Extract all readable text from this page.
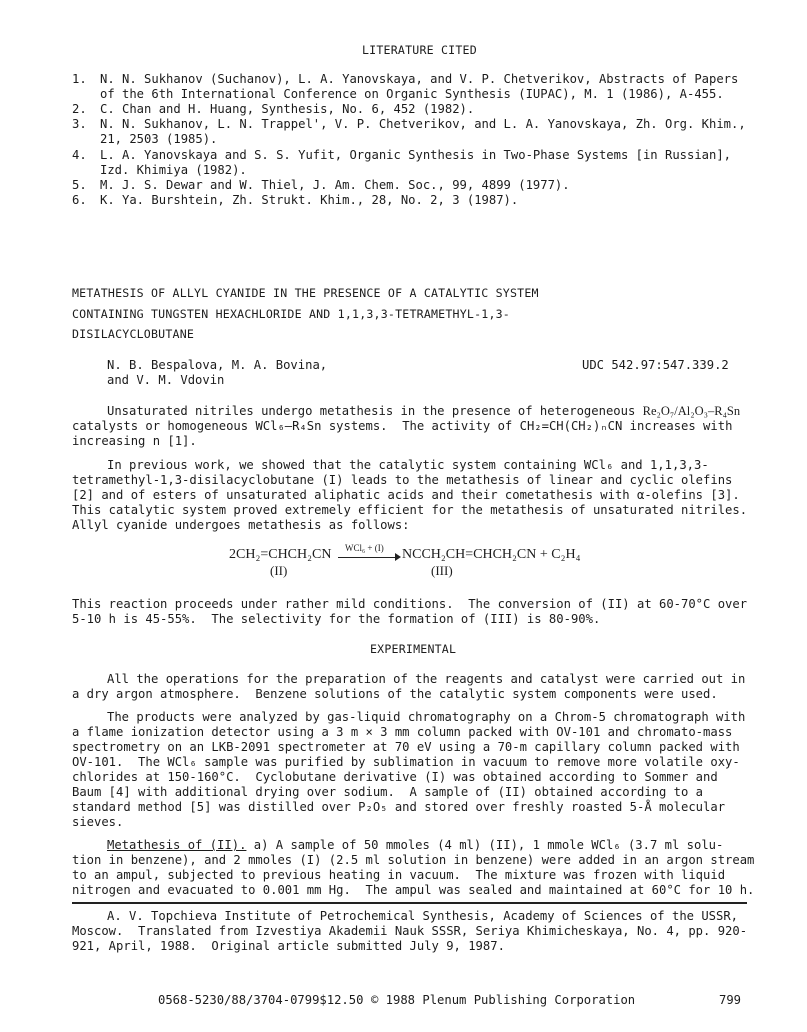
LITERATURE CITED
1. N. N. Sukhanov (Suchanov), L. A. Yanovskaya, and V. P. Chetverikov, Abstracts of Papers
of the 6th International Conference on Organic Synthesis (IUPAC), M. 1 (1986), A-455.
2. C. Chan and H. Huang, Synthesis, No. 6, 452 (1982).
3. N. N. Sukhanov, L. N. Trappel', V. P. Chetverikov, and L. A. Yanovskaya, Zh. Org. Khim.,
21, 2503 (1985).
4. L. A. Yanovskaya and S. S. Yufit, Organic Synthesis in Two-Phase Systems [in Russian],
Izd. Khimiya (1982).
5. M. J. S. Dewar and W. Thiel, J. Am. Chem. Soc., 99, 4899 (1977).
6. K. Ya. Burshtein, Zh. Strukt. Khim., 28, No. 2, 3 (1987).
METATHESIS OF ALLYL CYANIDE IN THE PRESENCE OF A CATALYTIC SYSTEM
CONTAINING TUNGSTEN HEXACHLORIDE AND 1,1,3,3-TETRAMETHYL-1,3-
DISILACYCLOBUTANE
N. B. Bespalova, M. A. Bovina,
and V. M. Vdovin
UDC 542.97:547.339.2
Unsaturated nitriles undergo metathesis in the presence of heterogeneous Re₂O₇/Al₂O₃–R₄Sn
catalysts or homogeneous WCl₆–R₄Sn systems.  The activity of CH₂=CH(CH₂)ₙCN increases with
increasing n [1].
In previous work, we showed that the catalytic system containing WCl₆ and 1,1,3,3-
tetramethyl-1,3-disilacyclobutane (I) leads to the metathesis of linear and cyclic olefins
[2] and of esters of unsaturated aliphatic acids and their cometathesis with α-olefins [3].
This catalytic system proved extremely efficient for the metathesis of unsaturated nitriles.
Allyl cyanide undergoes metathesis as follows:
2CH₂=CHCH₂CN WCl₆ + (I) NCCH₂CH=CHCH₂CN + C₂H₄
(II)	(III)
This reaction proceeds under rather mild conditions.  The conversion of (II) at 60-70°C over
5-10 h is 45-55%.  The selectivity for the formation of (III) is 80-90%.
EXPERIMENTAL
All the operations for the preparation of the reagents and catalyst were carried out in
a dry argon atmosphere.  Benzene solutions of the catalytic system components were used.
The products were analyzed by gas-liquid chromatography on a Chrom-5 chromatograph with
a flame ionization detector using a 3 m × 3 mm column packed with OV-101 and chromato-mass
spectrometry on an LKB-2091 spectrometer at 70 eV using a 70-m capillary column packed with
OV-101.  The WCl₆ sample was purified by sublimation in vacuum to remove more volatile oxy-
chlorides at 150-160°C.  Cyclobutane derivative (I) was obtained according to Sommer and
Baum [4] with additional drying over sodium.  A sample of (II) obtained according to a
standard method [5] was distilled over P₂O₅ and stored over freshly roasted 5-Å molecular
sieves.
Metathesis of (II). a) A sample of 50 mmoles (4 ml) (II), 1 mmole WCl₆ (3.7 ml solu-
tion in benzene), and 2 mmoles (I) (2.5 ml solution in benzene) were added in an argon stream
to an ampul, subjected to previous heating in vacuum.  The mixture was frozen with liquid
nitrogen and evacuated to 0.001 mm Hg.  The ampul was sealed and maintained at 60°C for 10 h.
A. V. Topchieva Institute of Petrochemical Synthesis, Academy of Sciences of the USSR,
Moscow.  Translated from Izvestiya Akademii Nauk SSSR, Seriya Khimicheskaya, No. 4, pp. 920-
921, April, 1988.  Original article submitted July 9, 1987.
0568-5230/88/3704-0799$12.50 © 1988 Plenum Publishing Corporation	799
